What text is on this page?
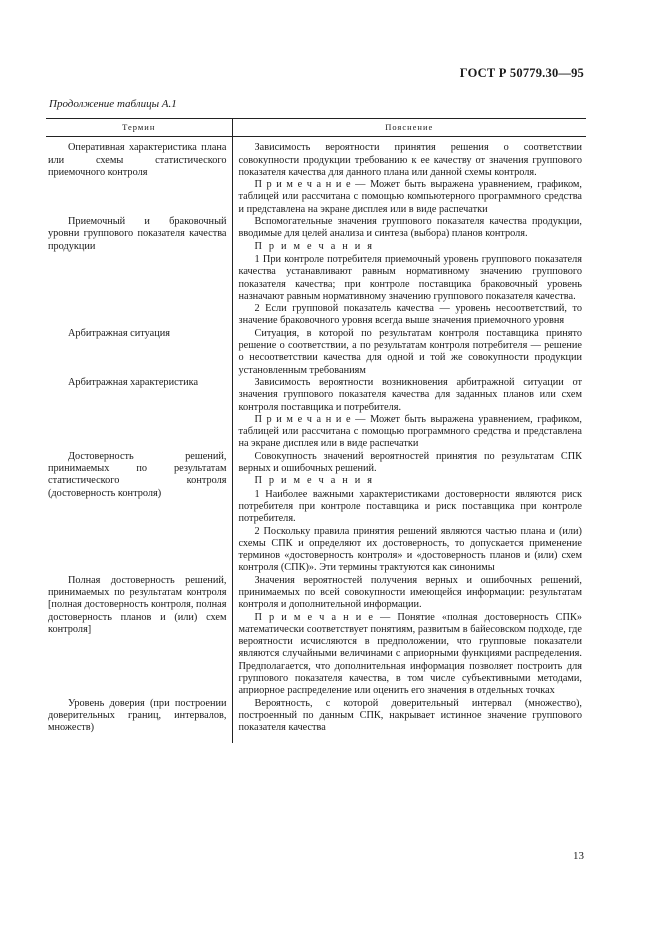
ГОСТ Р 50779.30—95
Продолжение таблицы А.1
Термин	Пояснение

Оперативная характеристика плана или схемы статистического приемочного контроля	Зависимость вероятности принятия решения о соответствии совокупности продукции требованию к ее качеству от значения группового показателя качества для данного плана или данной схемы контроля.

П р и м е ч а н и е — Может быть выражена уравнением, графиком, таблицей или рассчитана с помощью компьютерного программного средства и представлена на экране дисплея или в виде распечатки

Приемочный и браковочный уровни группового показателя качества продукции	Вспомогательные значения группового показателя качества продукции, вводимые для целей анализа и синтеза (выбора) планов контроля.

П р и м е ч а н и я

1 При контроле потребителя приемочный уровень группового показателя качества устанавливают равным нормативному значению группового показателя качества; при контроле поставщика браковочный уровень назначают равным нормативному значению группового показателя качества.

2 Если групповой показатель качества — уровень несоответствий, то значение браковочного уровня всегда выше значения приемочного уровня

Арбитражная ситуация	Ситуация, в которой по результатам контроля поставщика принято решение о соответствии, а по результатам контроля потребителя — решение о несоответствии качества для одной и той же совокупности продукции установленным требованиям

Арбитражная характеристика	Зависимость вероятности возникновения арбитражной ситуации от значения группового показателя качества для заданных планов или схем контроля поставщика и потребителя.

П р и м е ч а н и е — Может быть выражена уравнением, графиком, таблицей или рассчитана с помощью программного средства и представлена на экране дисплея или в виде распечатки

Достоверность решений, принимаемых по результатам статистического контроля (достоверность контроля)	Совокупность значений вероятностей принятия по результатам СПК верных и ошибочных решений.

П р и м е ч а н и я

1 Наиболее важными характеристиками достоверности являются риск потребителя при контроле поставщика и риск поставщика при контроле потребителя.

2 Поскольку правила принятия решений являются частью плана и (или) схемы СПК и определяют их достоверность, то допускается применение терминов «достоверность контроля» и «достоверность планов и (или) схем контроля (СПК)». Эти термины трактуются как синонимы

Полная достоверность решений, принимаемых по результатам контроля [полная достоверность контроля, полная достоверность планов и (или) схем контроля]	Значения вероятностей получения верных и ошибочных решений, принимаемых по всей совокупности имеющейся информации: результатам контроля и дополнительной информации.

П р и м е ч а н и е — Понятие «полная достоверность СПК» математически соответствует понятиям, развитым в байесовском подходе, где вероятности исчисляются в предположении, что групповые показатели являются случайными величинами с априорными функциями распределения. Предполагается, что дополнительная информация позволяет построить для группового показателя качества, в том числе субъективными методами, априорное распределение или оценить его значения в отдельных точках

Уровень доверия (при построении доверительных границ, интервалов, множеств)	Вероятность, с которой доверительный интервал (множество), построенный по данным СПК, накрывает истинное значение группового показателя качества

13
